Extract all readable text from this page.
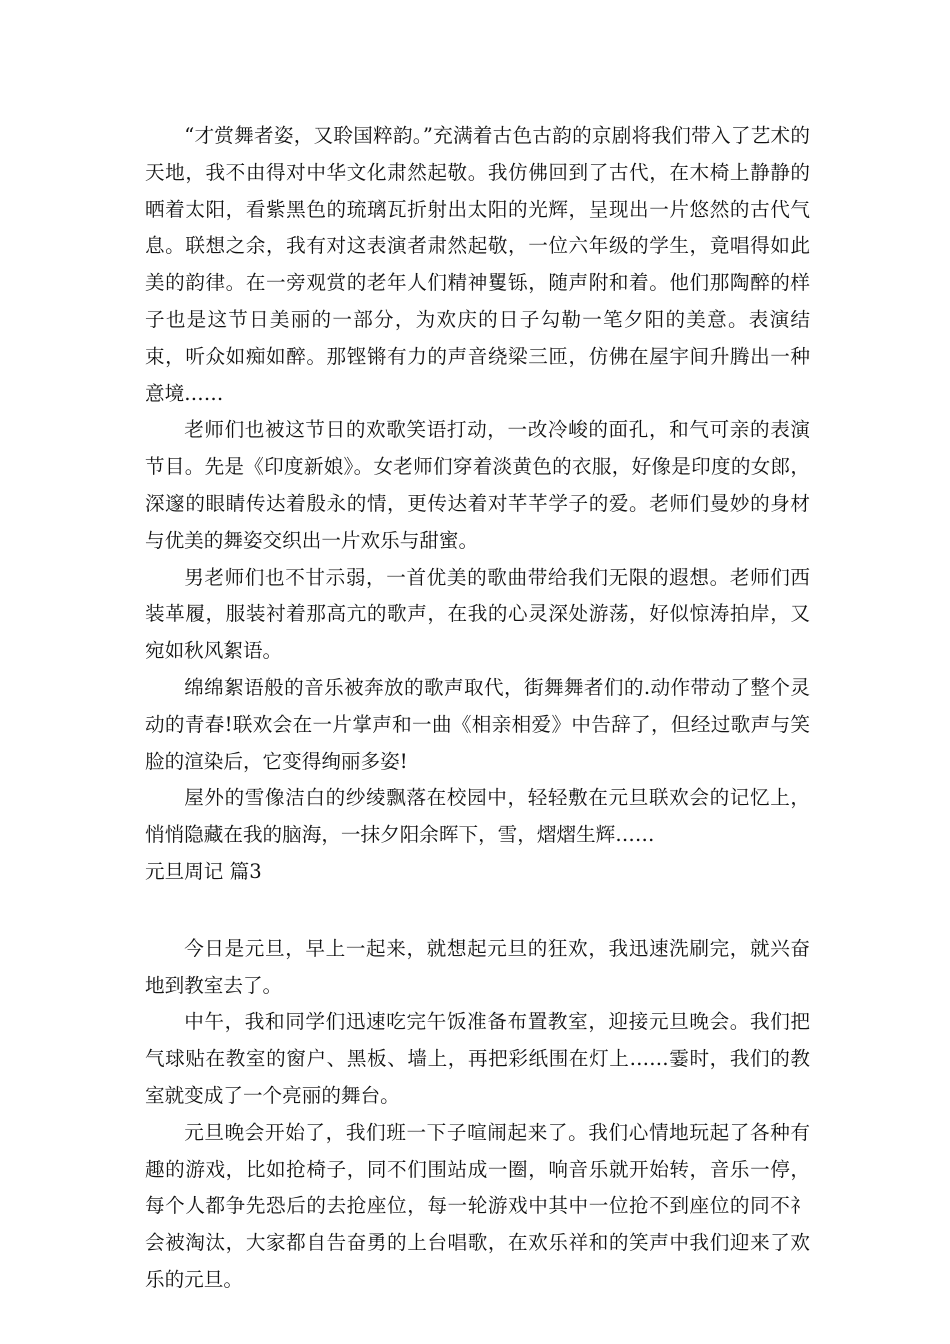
“才赏舞者姿，又聆国粹韵。”充满着古色古韵的京剧将我们带入了艺术的天地，我不由得对中华文化肃然起敬。我仿佛回到了古代，在木椅上静静的晒着太阳，看紫黑色的琉璃瓦折射出太阳的光辉，呈现出一片悠然的古代气息。联想之余，我有对这表演者肃然起敬，一位六年级的学生，竟唱得如此美的韵律。在一旁观赏的老年人们精神矍铄，随声附和着。他们那陶醉的样子也是这节日美丽的一部分，为欢庆的日子勾勒一笔夕阳的美意。表演结束，听众如痴如醉。那铿锵有力的声音绕梁三匝，仿佛在屋宇间升腾出一种意境……

老师们也被这节日的欢歌笑语打动，一改冷峻的面孔，和气可亲的表演节目。先是《印度新娘》。女老师们穿着淡黄色的衣服，好像是印度的女郎，深邃的眼睛传达着殷永的情，更传达着对芊芊学子的爱。老师们曼妙的身材与优美的舞姿交织出一片欢乐与甜蜜。

男老师们也不甘示弱，一首优美的歌曲带给我们无限的遐想。老师们西装革履，服装衬着那高亢的歌声，在我的心灵深处游荡，好似惊涛拍岸，又宛如秋风絮语。

绵绵絮语般的音乐被奔放的歌声取代，街舞舞者们的.动作带动了整个灵动的青春!联欢会在一片掌声和一曲《相亲相爱》中告辞了，但经过歌声与笑脸的渲染后，它变得绚丽多姿!

屋外的雪像洁白的纱绫飘落在校园中，轻轻敷在元旦联欢会的记忆上，悄悄隐藏在我的脑海，一抹夕阳余晖下，雪，熠熠生辉……

元旦周记 篇3

今日是元旦，早上一起来，就想起元旦的狂欢，我迅速洗刷完，就兴奋地到教室去了。

中午，我和同学们迅速吃完午饭准备布置教室，迎接元旦晚会。我们把气球贴在教室的窗户、黑板、墙上，再把彩纸围在灯上……霎时，我们的教室就变成了一个亮丽的舞台。

元旦晚会开始了，我们班一下子喧闹起来了。我们心情地玩起了各种有趣的游戏，比如抢椅子，同不们围站成一圈，响音乐就开始转，音乐一停，每个人都争先恐后的去抢座位，每一轮游戏中其中一位抢不到座位的同不礻会被淘汰，大家都自告奋勇的上台唱歌，在欢乐祥和的笑声中我们迎来了欢乐的元旦。
